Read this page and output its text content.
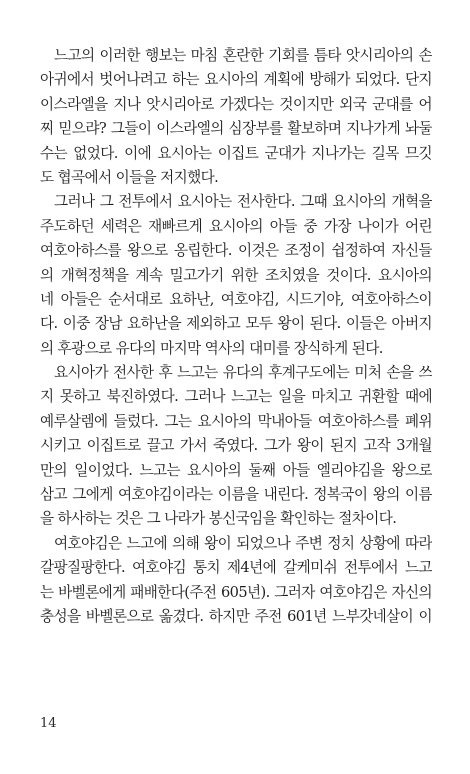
느고의 이러한 행보는 마침 혼란한 기회를 틈타 앗시리아의 손
아귀에서 벗어나려고 하는 요시아의 계획에 방해가 되었다. 단지
이스라엘을 지나 앗시리아로 가겠다는 것이지만 외국 군대를 어
찌 믿으랴? 그들이 이스라엘의 심장부를 활보하며 지나가게 놔둘
수는 없었다. 이에 요시아는 이집트 군대가 지나가는 길목 므깃
도 협곡에서 이들을 저지했다.
그러나 그 전투에서 요시아는 전사한다. 그때 요시아의 개혁을
주도하던 세력은 재빠르게 요시아의 아들 중 가장 나이가 어린
여호아하스를 왕으로 옹립한다. 이것은 조정이 쉽정하여 자신들
의 개혁정책을 계속 밀고가기 위한 조치였을 것이다. 요시아의
네 아들은 순서대로 요하난, 여호야김, 시드기야, 여호아하스이
다. 이중 장남 요하난을 제외하고 모두 왕이 된다. 이들은 아버지
의 후광으로 유다의 마지막 역사의 대미를 장식하게 된다.
요시아가 전사한 후 느고는 유다의 후계구도에는 미처 손을 쓰
지 못하고 북진하였다. 그러나 느고는 일을 마치고 귀환할 때에
예루살렘에 들렀다. 그는 요시아의 막내아들 여호아하스를 폐위
시키고 이집트로 끌고 가서 죽였다. 그가 왕이 된지 고작 3개월
만의 일이었다. 느고는 요시아의 둘째 아들 엘리야김을 왕으로
삼고 그에게 여호야김이라는 이름을 내린다. 정복국이 왕의 이름
을 하사하는 것은 그 나라가 봉신국임을 확인하는 절차이다.
여호야김은 느고에 의해 왕이 되었으나 주변 정치 상황에 따라
갈팡질팡한다. 여호야김 통치 제4년에 갈케미쉬 전투에서 느고
는 바벨론에게 패배한다(주전 605년). 그러자 여호야김은 자신의
충성을 바벨론으로 옮겼다. 하지만 주전 601년 느부갓네살이 이
14
